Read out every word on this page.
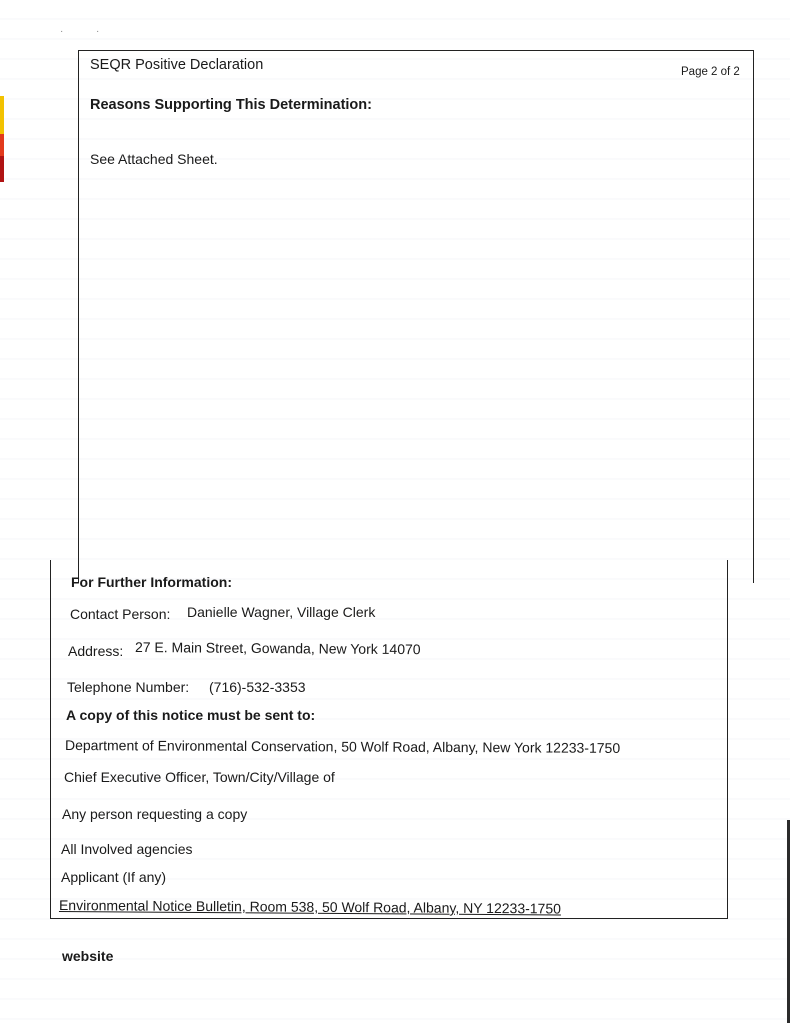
·	·
SEQR Positive Declaration	Page 2 of 2
Reasons Supporting This Determination:
See Attached Sheet.
For Further Information:
Contact Person: Danielle Wagner, Village Clerk
Address: 27 E. Main Street, Gowanda, New York 14070
Telephone Number: (716)-532-3353
A copy of this notice must be sent to:
Department of Environmental Conservation, 50 Wolf Road, Albany, New York 12233-1750
Chief Executive Officer, Town/City/Village of
Any person requesting a copy
All Involved agencies
Applicant (If any)
Environmental Notice Bulletin, Room 538, 50 Wolf Road, Albany, NY 12233-1750
website
